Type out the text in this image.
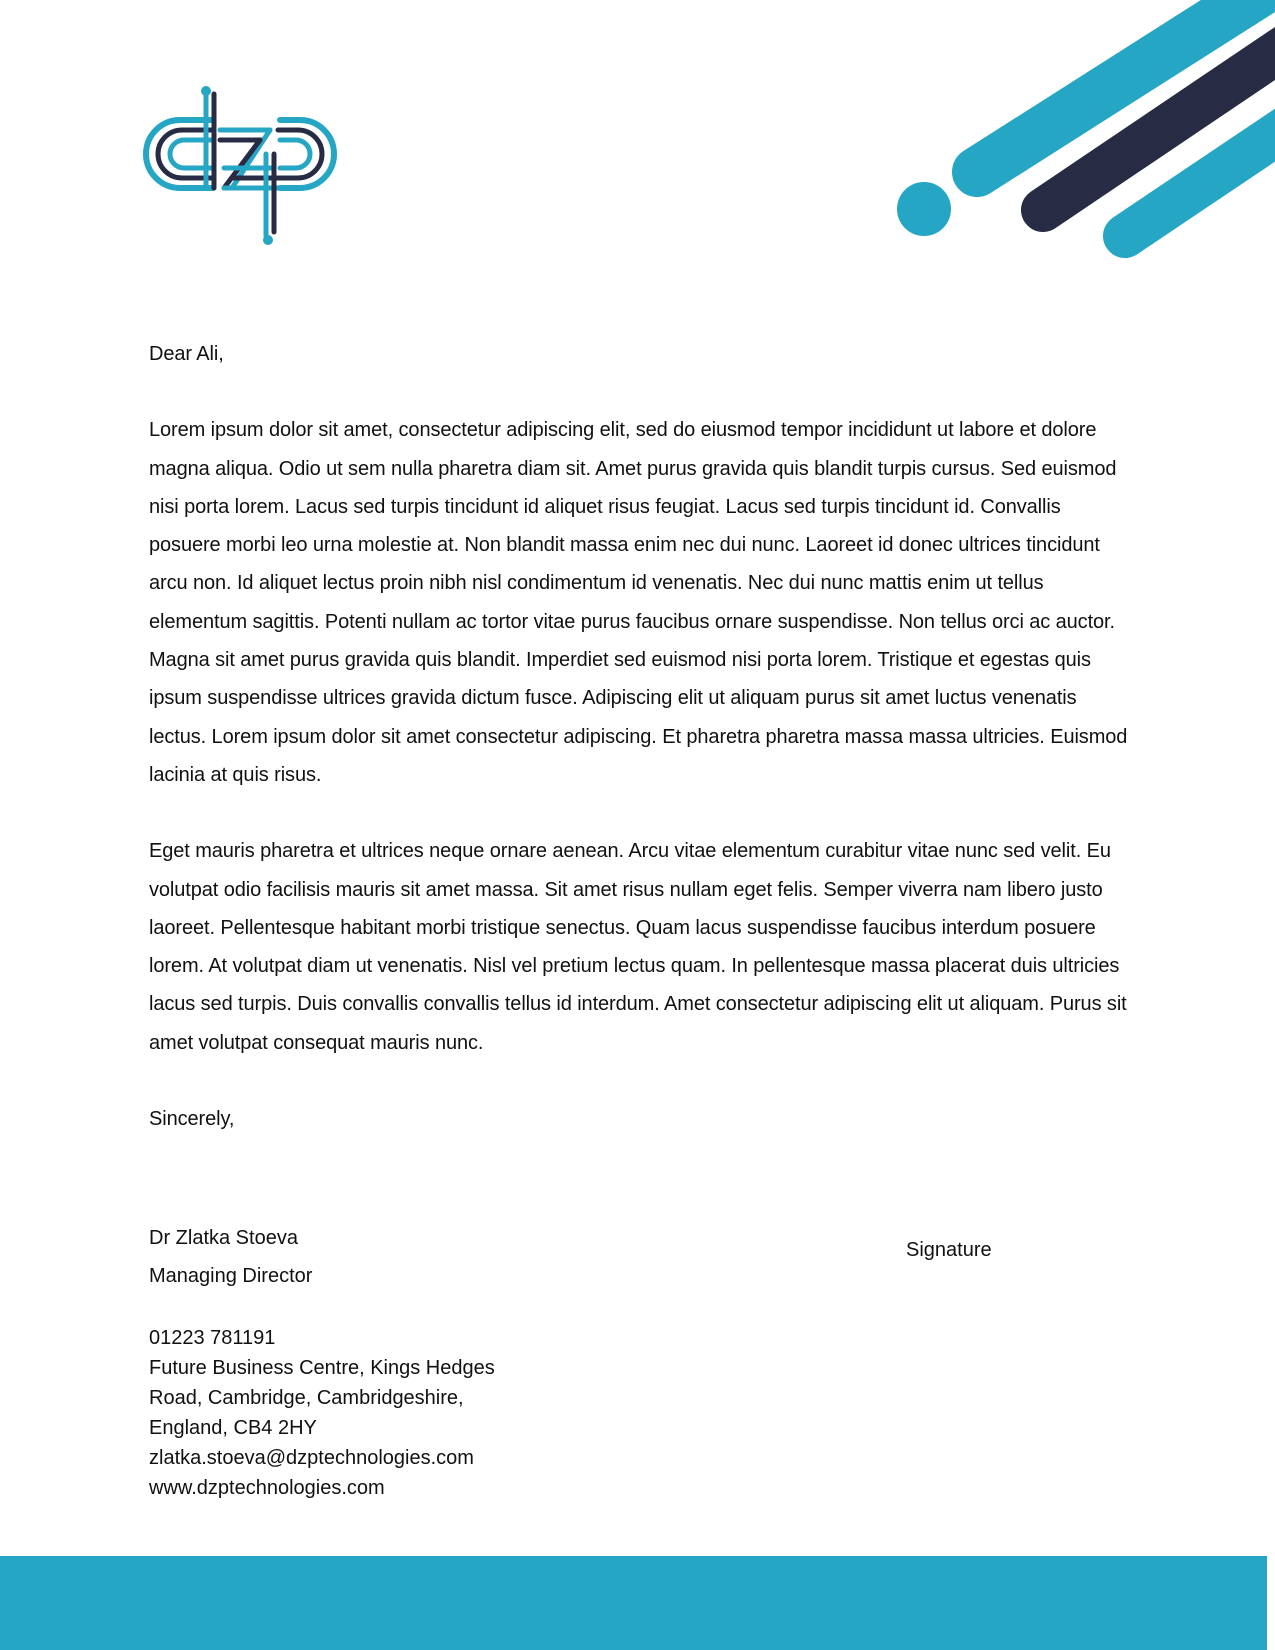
Dear Ali,

Lorem ipsum dolor sit amet, consectetur adipiscing elit, sed do eiusmod tempor incididunt ut labore et dolore magna aliqua. Odio ut sem nulla pharetra diam sit. Amet purus gravida quis blandit turpis cursus. Sed euismod nisi porta lorem. Lacus sed turpis tincidunt id aliquet risus feugiat. Lacus sed turpis tincidunt id. Convallis posuere morbi leo urna molestie at. Non blandit massa enim nec dui nunc. Laoreet id donec ultrices tincidunt arcu non. Id aliquet lectus proin nibh nisl condimentum id venenatis. Nec dui nunc mattis enim ut tellus elementum sagittis. Potenti nullam ac tortor vitae purus faucibus ornare suspendisse. Non tellus orci ac auctor. Magna sit amet purus gravida quis blandit. Imperdiet sed euismod nisi porta lorem. Tristique et egestas quis ipsum suspendisse ultrices gravida dictum fusce. Adipiscing elit ut aliquam purus sit amet luctus venenatis lectus. Lorem ipsum dolor sit amet consectetur adipiscing. Et pharetra pharetra massa massa ultricies. Euismod lacinia at quis risus.

Eget mauris pharetra et ultrices neque ornare aenean. Arcu vitae elementum curabitur vitae nunc sed velit. Eu volutpat odio facilisis mauris sit amet massa. Sit amet risus nullam eget felis. Semper viverra nam libero justo laoreet. Pellentesque habitant morbi tristique senectus. Quam lacus suspendisse faucibus interdum posuere lorem. At volutpat diam ut venenatis. Nisl vel pretium lectus quam. In pellentesque massa placerat duis ultricies lacus sed turpis. Duis convallis convallis tellus id interdum. Amet consectetur adipiscing elit ut aliquam. Purus sit amet volutpat consequat mauris nunc.

Sincerely,

Dr Zlatka Stoeva
Managing Director
Signature
01223 781191
Future Business Centre, Kings Hedges
Road, Cambridge, Cambridgeshire,
England, CB4 2HY
zlatka.stoeva@dzptechnologies.com
www.dzptechnologies.com
